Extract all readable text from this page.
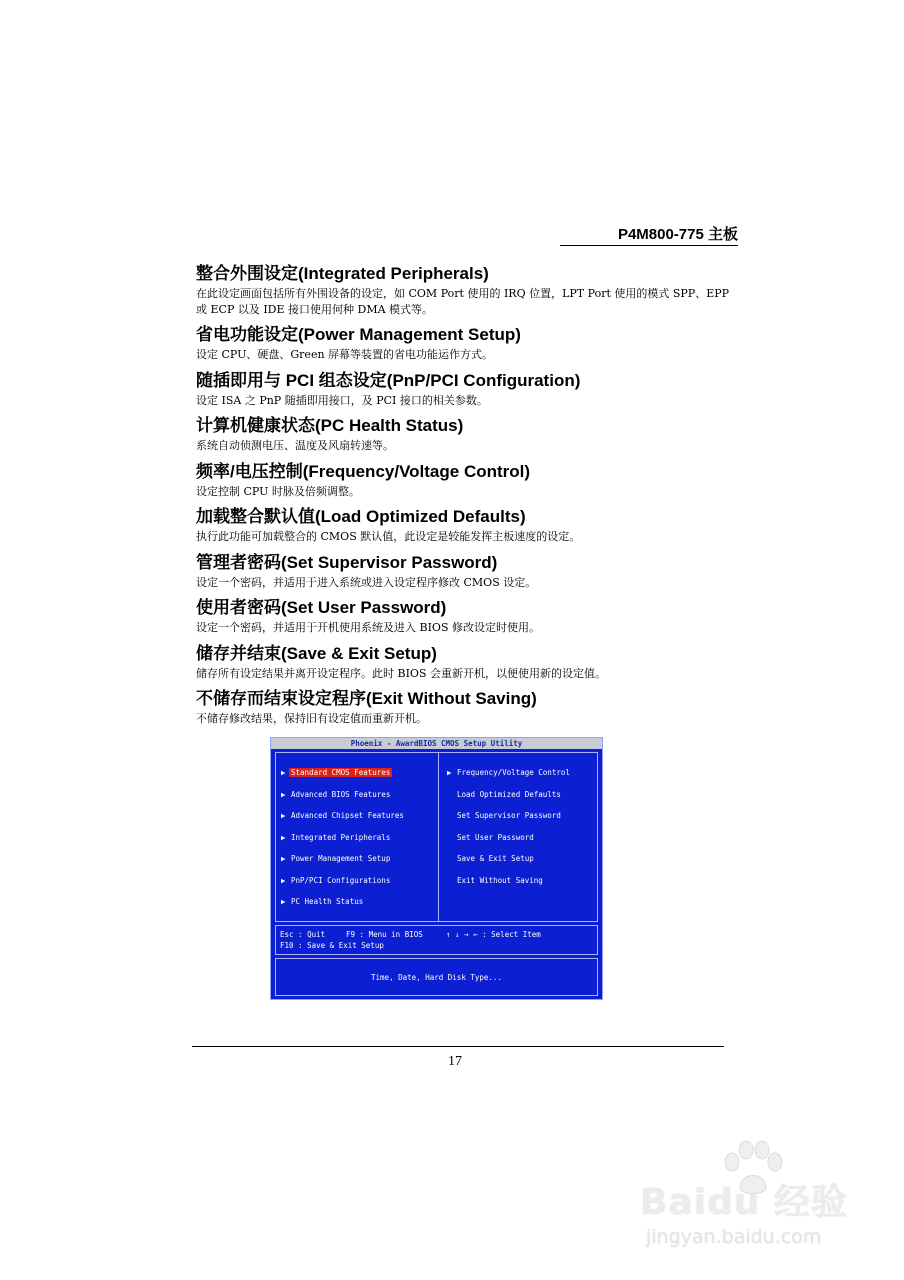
P4M800-775 主板
整合外围设定(Integrated Peripherals)

在此设定画面包括所有外围设备的设定，如 COM Port 使用的 IRQ 位置，LPT Port 使用的模式 SPP、EPP 或 ECP 以及 IDE 接口使用何种 DMA 模式等。

省电功能设定(Power Management Setup)

设定 CPU、硬盘、Green 屏幕等装置的省电功能运作方式。

随插即用与 PCI 组态设定(PnP/PCI Configuration)

设定 ISA 之 PnP 随插即用接口，及 PCI 接口的相关参数。

计算机健康状态(PC Health Status)

系统自动侦测电压、温度及风扇转速等。

频率/电压控制(Frequency/Voltage Control)

设定控制 CPU 时脉及倍频调整。

加载整合默认值(Load Optimized Defaults)

执行此功能可加载整合的 CMOS 默认值，此设定是较能发挥主板速度的设定。

管理者密码(Set Supervisor Password)

设定一个密码，并适用于进入系统或进入设定程序修改 CMOS 设定。

使用者密码(Set User Password)

设定一个密码，并适用于开机使用系统及进入 BIOS 修改设定时使用。

储存并结束(Save & Exit Setup)

储存所有设定结果并离开设定程序。此时 BIOS 会重新开机，以便使用新的设定值。

不储存而结束设定程序(Exit Without Saving)

不储存修改结果，保持旧有设定值而重新开机。

Phoenix - AwardBIOS CMOS Setup Utility
▶ Standard CMOS Features
▶ Advanced BIOS Features
▶ Advanced Chipset Features
▶ Integrated Peripherals
▶ Power Management Setup
▶ PnP/PCI Configurations
▶ PC Health Status
▶ Frequency/Voltage Control
Load Optimized Defaults
Set Supervisor Password
Set User Password
Save & Exit Setup
Exit Without Saving
Esc : Quit	F9 : Menu in BIOS	↑ ↓ → ← : Select Item
F10 : Save & Exit Setup
Time, Date, Hard Disk Type...
17
Baidu 经验
jingyan.baidu.com
